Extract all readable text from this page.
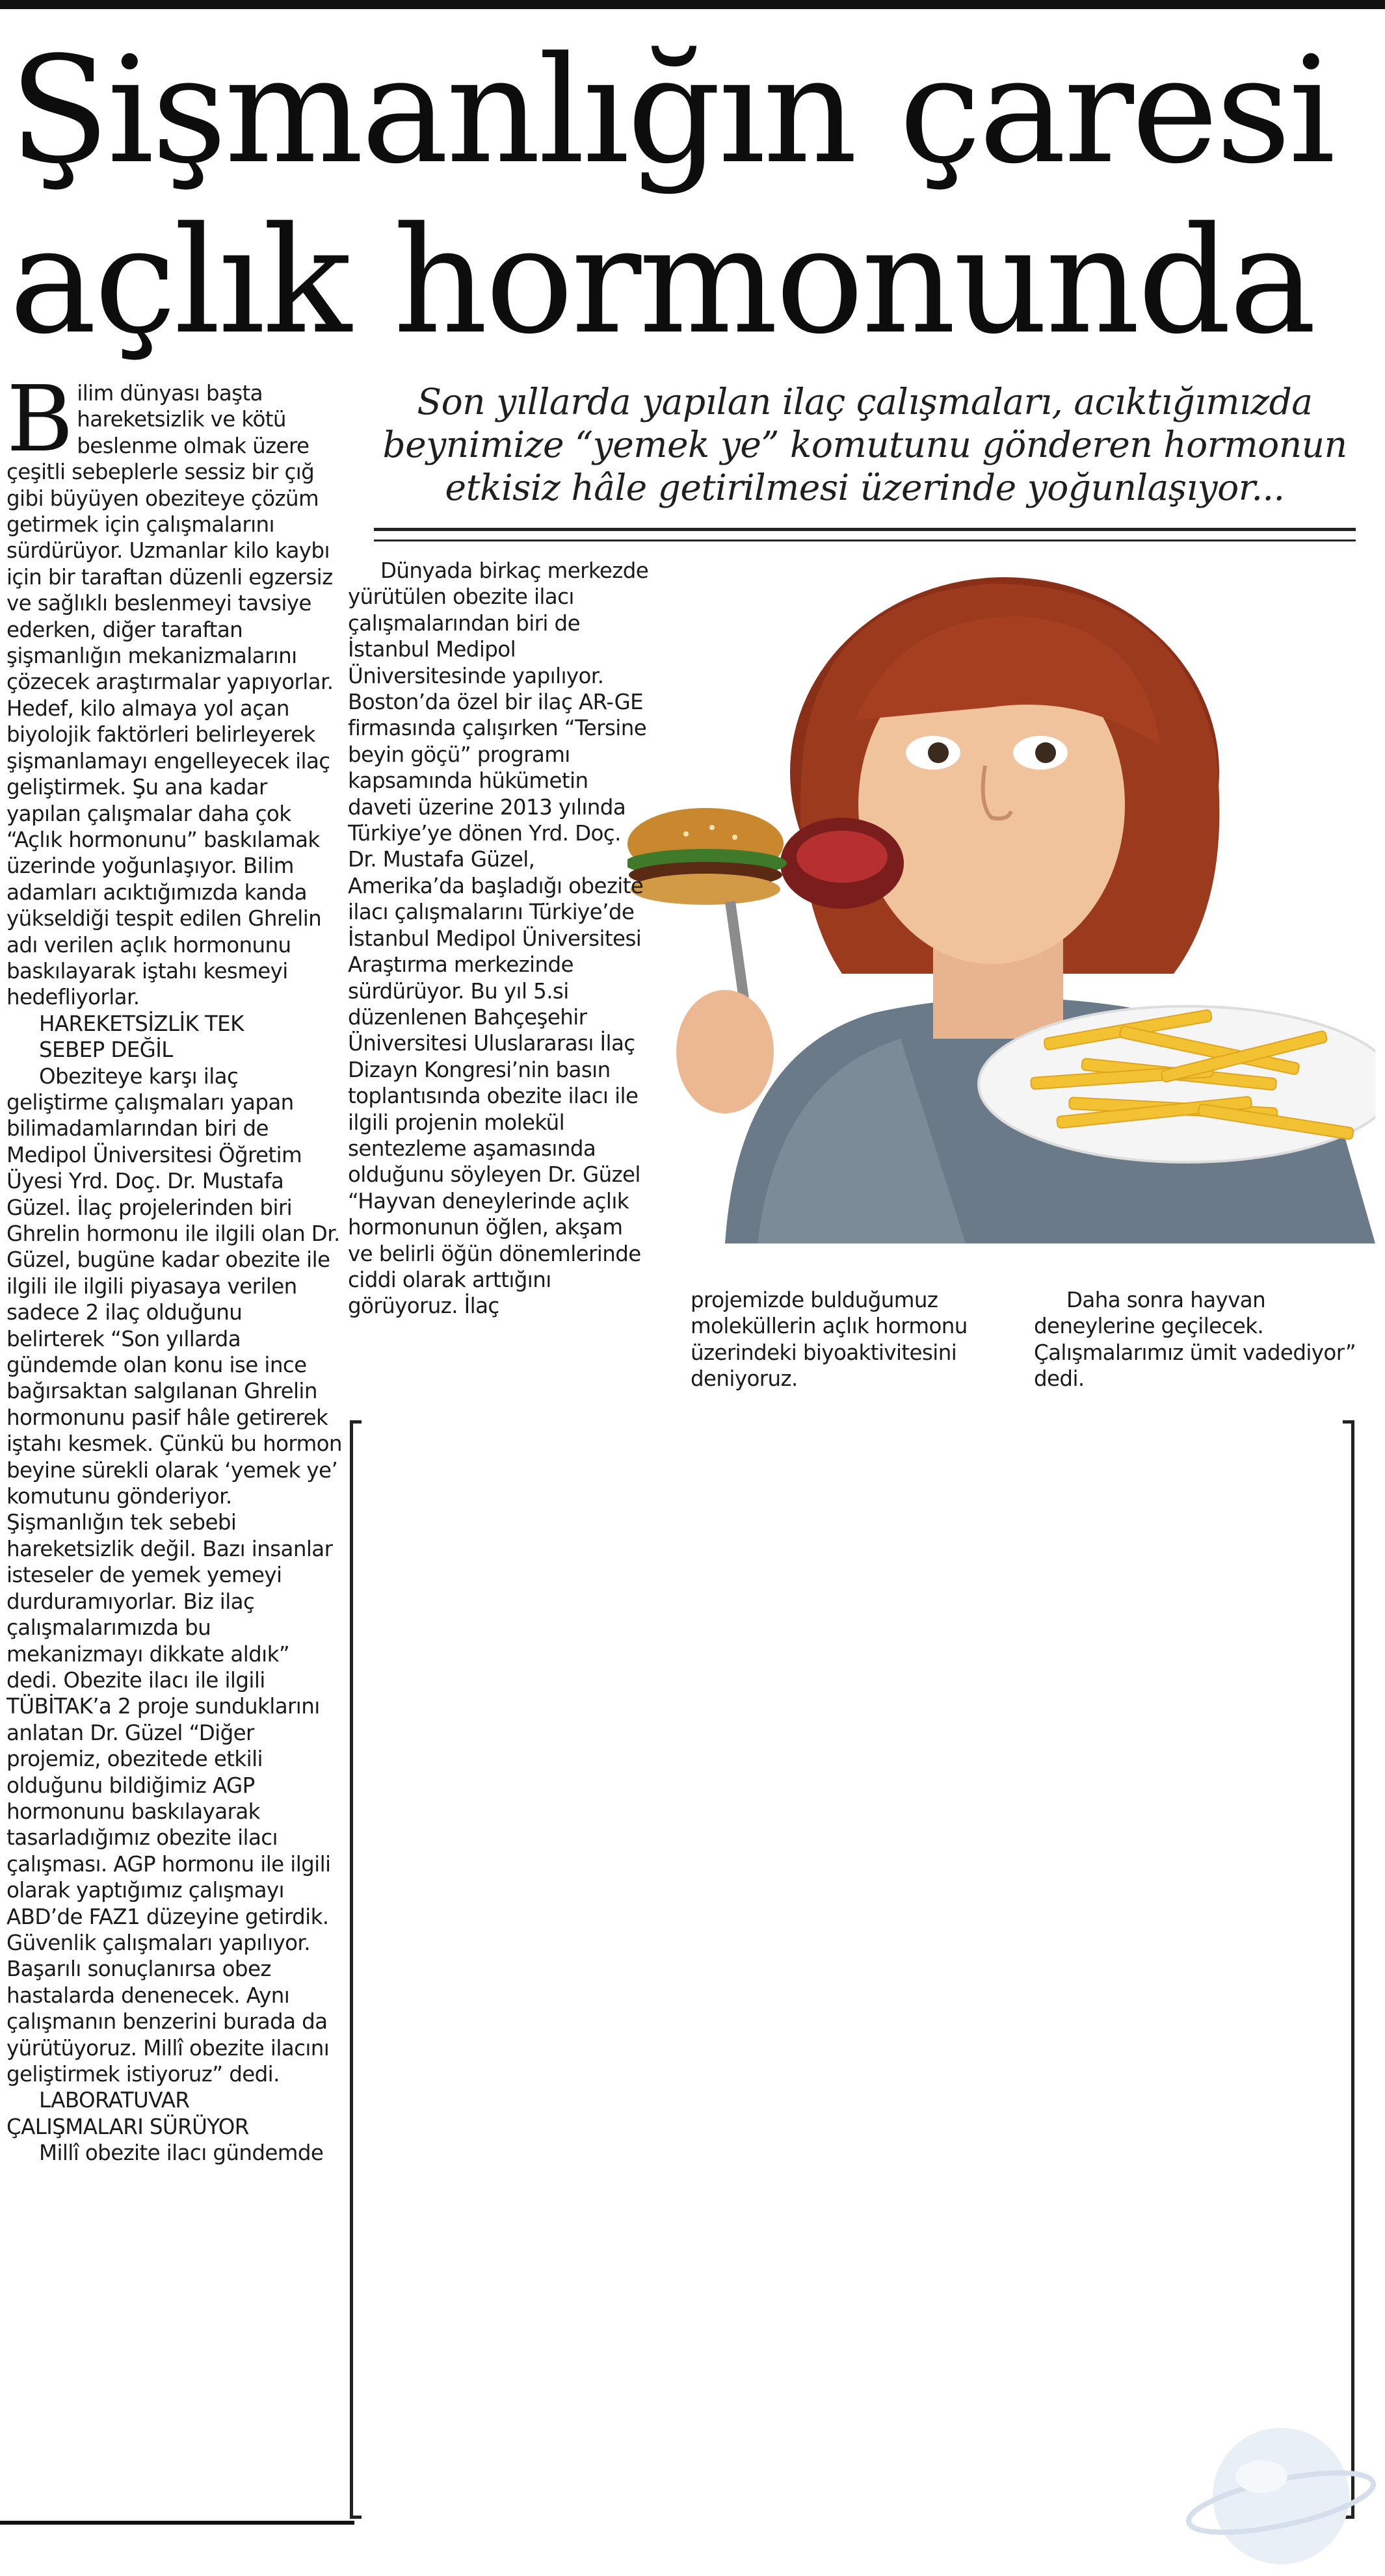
Şişmanlığın çaresi
açlık hormonunda

Bilim dünyası başta hareketsizlik ve kötü beslenme olmak üzere çeşitli sebeplerle sessiz bir çığ gibi büyüyen obeziteye çözüm getirmek için çalışmalarını sürdürüyor. Uzmanlar kilo kaybı için bir taraftan düzenli egzersiz ve sağlıklı beslenmeyi tavsiye ederken, diğer taraftan şişmanlığın mekanizmalarını çözecek araştırmalar yapıyorlar. Hedef, kilo almaya yol açan biyolojik faktörleri belirleyerek şişmanlamayı engelleyecek ilaç geliştirmek. Şu ana kadar yapılan çalışmalar daha çok “Açlık hormonunu” baskılamak üzerinde yoğunlaşıyor. Bilim adamları acıktığımızda kanda yükseldiği tespit edilen Ghrelin adı verilen açlık hormonunu baskılayarak iştahı kesmeyi hedefliyorlar.

HAREKETSİZLİK TEK

SEBEP DEĞİL

Obeziteye karşı ilaç geliştirme çalışmaları yapan bilimadamlarından biri de Medipol Üniversitesi Öğretim Üyesi Yrd. Doç. Dr. Mustafa Güzel. İlaç projelerinden biri Ghrelin hormonu ile ilgili olan Dr. Güzel, bugüne kadar obezite ile ilgili ile ilgili piyasaya verilen sadece 2 ilaç olduğunu belirterek “Son yıllarda gündemde olan konu ise ince bağırsaktan salgılanan Ghrelin hormonunu pasif hâle getirerek iştahı kesmek. Çünkü bu hormon beyine sürekli olarak ‘yemek ye’ komutunu gönderiyor. Şişmanlığın tek sebebi hareketsizlik değil. Bazı insanlar isteseler de yemek yemeyi durduramıyorlar. Biz ilaç çalışmalarımızda bu mekanizmayı dikkate aldık” dedi. Obezite ilacı ile ilgili TÜBİTAK’a 2 proje sunduklarını anlatan Dr. Güzel “Diğer projemiz, obezitede etkili olduğunu bildiğimiz AGP hormonunu baskılayarak tasarladığımız obezite ilacı çalışması. AGP hormonu ile ilgili olarak yaptığımız çalışmayı ABD’de FAZ1 düzeyine getirdik. Güvenlik çalışmaları yapılıyor. Başarılı sonuçlanırsa obez hastalarda denenecek. Aynı çalışmanın benzerini burada da yürütüyoruz. Millî obezite ilacını geliştirmek istiyoruz” dedi.

LABORATUVAR

ÇALIŞMALARI SÜRÜYOR

Millî obezite ilacı gündemde

Son yıllarda yapılan ilaç çalışmaları, acıktığımızda beynimize “yemek ye” komutunu gönderen hormonun etkisiz hâle getirilmesi üzerinde yoğunlaşıyor...

Dünyada birkaç merkezde yürütülen obezite ilacı çalışmalarından biri de İstanbul Medipol Üniversitesinde yapılıyor. Boston’da özel bir ilaç AR-GE firmasında çalışırken “Tersine beyin göçü” programı kapsamında hükümetin daveti üzerine 2013 yılında Türkiye’ye dönen Yrd. Doç. Dr. Mustafa Güzel, Amerika’da başladığı obezite ilacı çalışmalarını Türkiye’de İstanbul Medipol Üniversitesi Araştırma merkezinde sürdürüyor. Bu yıl 5.si düzenlenen Bahçeşehir Üniversitesi Uluslararası İlaç Dizayn Kongresi’nin basın toplantısında obezite ilacı ile ilgili projenin molekül sentezleme aşamasında olduğunu söyleyen Dr. Güzel “Hayvan deneylerinde açlık hormonunun öğlen, akşam ve belirli öğün dönemlerinde ciddi olarak arttığını görüyoruz. İlaç	projemizde bulduğumuz moleküllerin açlık hormonu üzerindeki biyoaktivitesini deniyoruz.

Daha sonra hayvan deneylerine geçilecek. Çalışmalarımız ümit vadediyor” dedi.
